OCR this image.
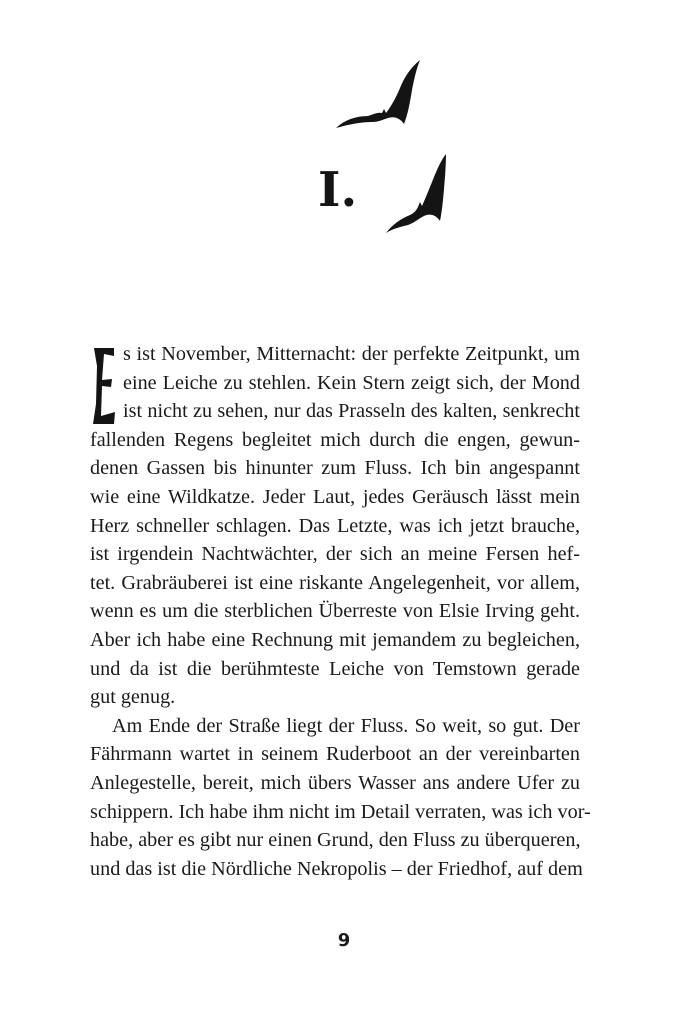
I.
s ist November, Mitternacht: der perfekte Zeitpunkt, um
eine Leiche zu stehlen. Kein Stern zeigt sich, der Mond
ist nicht zu sehen, nur das Prasseln des kalten, senkrecht
fallenden Regens begleitet mich durch die engen, gewun-
denen Gassen bis hinunter zum Fluss. Ich bin angespannt
wie eine Wildkatze. Jeder Laut, jedes Geräusch lässt mein
Herz schneller schlagen. Das Letzte, was ich jetzt brauche,
ist irgendein Nachtwächter, der sich an meine Fersen hef-
tet. Grabräuberei ist eine riskante Angelegenheit, vor allem,
wenn es um die sterblichen Überreste von Elsie Irving geht.
Aber ich habe eine Rechnung mit jemandem zu begleichen,
und da ist die berühmteste Leiche von Temstown gerade
gut genug.
Am Ende der Straße liegt der Fluss. So weit, so gut. Der
Fährmann wartet in seinem Ruderboot an der vereinbarten
Anlegestelle, bereit, mich übers Wasser ans andere Ufer zu
schippern. Ich habe ihm nicht im Detail verraten, was ich vor-
habe, aber es gibt nur einen Grund, den Fluss zu überqueren,
und das ist die Nördliche Nekropolis – der Friedhof, auf dem
9
